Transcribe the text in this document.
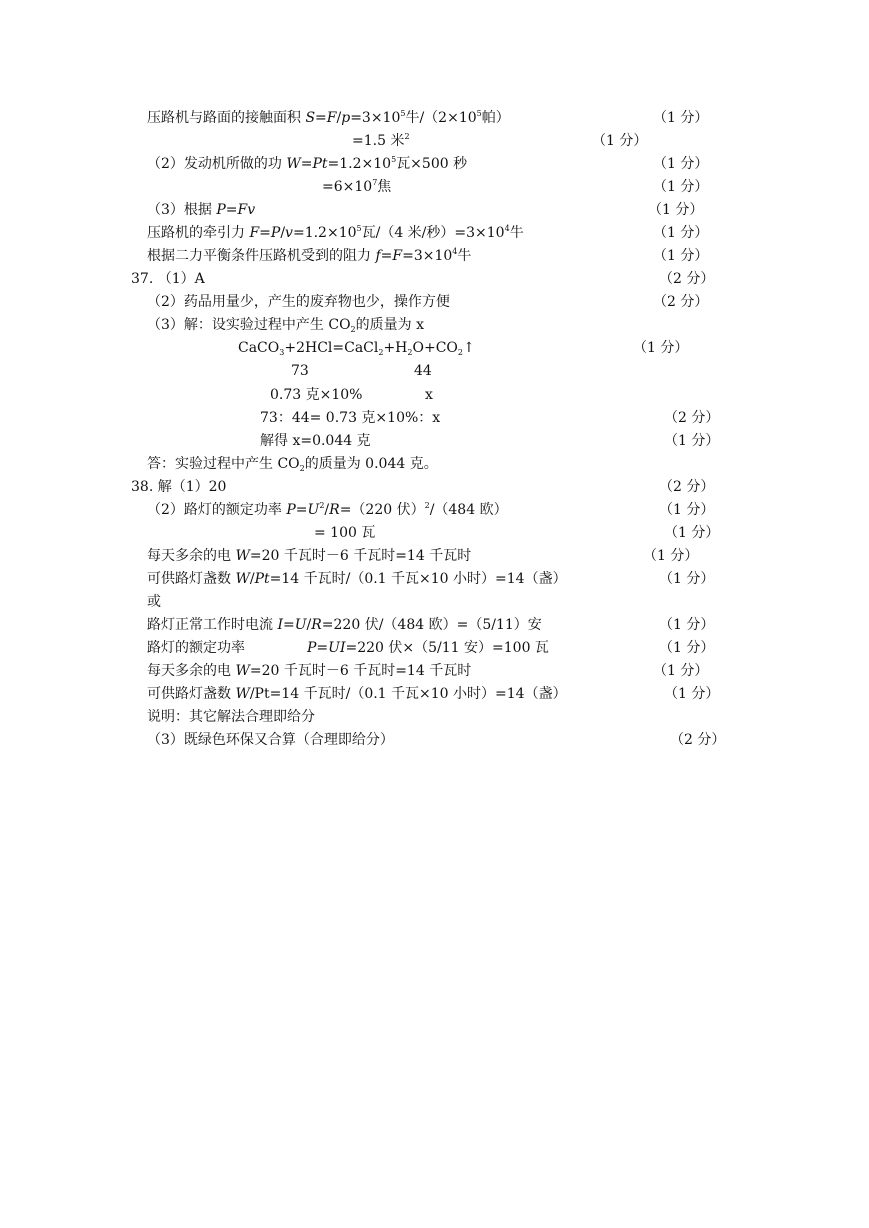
压路机与路面的接触面积 $S=F/p=3\times 10^5$牛$/(2\times 10^5$帕）	（1 分）
=1.5 米$^2$	（1 分）
（2）发动机所做的功 $W=Pt=1.2\times 10^5$瓦×500 秒	（1 分）
$=6\times 10^7$焦	（1 分）
（3）根据 P=Fv	（1 分）
压路机的牵引力 $F=P/v=1.2\times 10^5$瓦/（4 米/秒）$=3\times 10^4$牛	（1 分）
根据二力平衡条件压路机受到的阻力 $f=F=3\times 10^4$牛	（1 分）
37. （1）A	（2 分）
（2）药品用量少，产生的废弃物也少，操作方便	（2 分）
（3）解：设实验过程中产生 $CO_2$的质量为 x
$CaCO_3+2HCl=CaCl_2+H_2O+CO_2↑$	（1 分）
73	44
0.73 克×10%	x
73：44= 0.73 克×10%：x	（2 分）
解得 x=0.044 克	（1 分）
答：实验过程中产生 $CO_2$的质量为 0.044 克。
38. 解（1）20	（2 分）
（2）路灯的额定功率 $P=U^2/R=(220$ 伏）$^2$/（484 欧）	（1 分）
= 100 瓦	（1 分）
每天多余的电 W=20 千瓦时－6 千瓦时=14 千瓦时	（1 分）
可供路灯盏数 W/Pt=14 千瓦时/（0.1 千瓦×10 小时）=14（盏）	（1 分）
或
路灯正常工作时电流 I=U/R=220 伏/（484 欧）=（5/11）安	（1 分）
路灯的额定功率	P=UI=220 伏×（5/11 安）=100 瓦	（1 分）
每天多余的电 W=20 千瓦时－6 千瓦时=14 千瓦时	（1 分）
可供路灯盏数 W/Pt=14 千瓦时/（0.1 千瓦×10 小时）=14（盏）	（1 分）
说明：其它解法合理即给分
（3）既绿色环保又合算（合理即给分）	（2 分）
